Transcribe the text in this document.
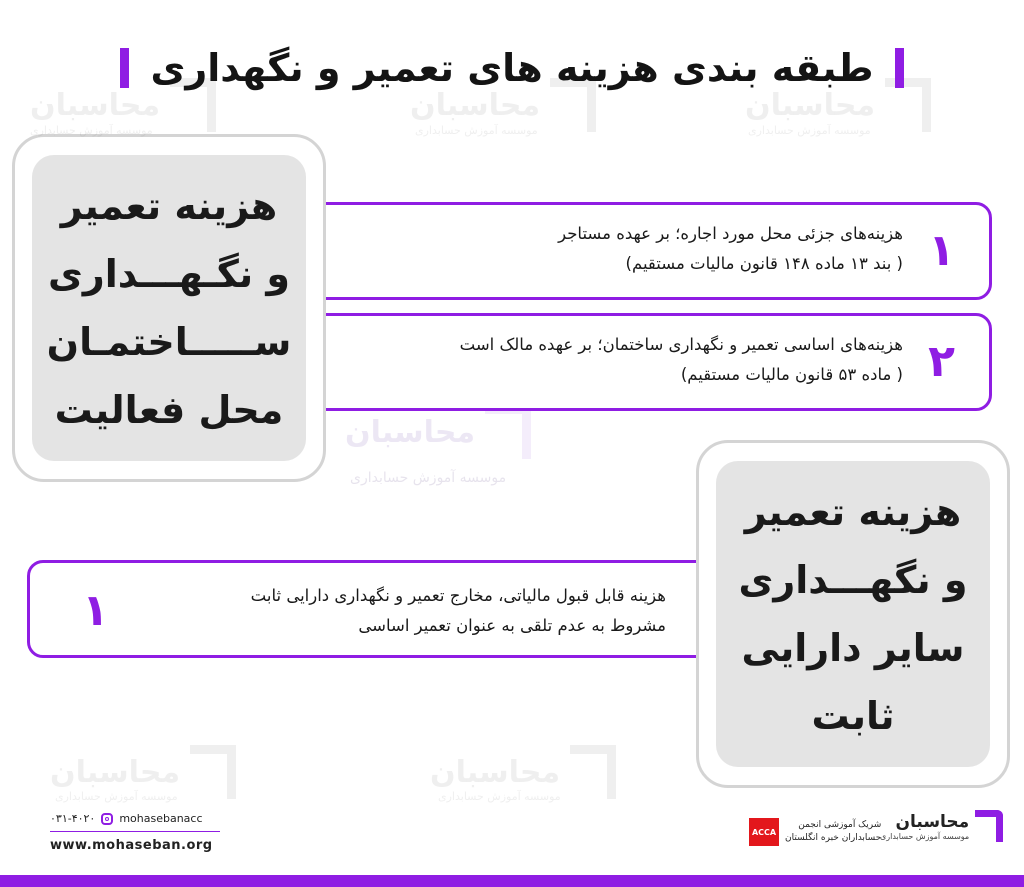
محاسبان	محاسبان	محاسبان
محاسبان
محاسبان	محاسبان
طبقه بندی هزینه های تعمیر و نگهداری
هزینه‌های جزئی محل مورد اجاره؛ بر عهده مستاجر
( بند ۱۳ ماده ۱۴۸ قانون مالیات مستقیم) ۱
هزینه‌های اساسی تعمیر و نگهداری ساختمان؛ بر عهده مالک است
( ماده ۵۳ قانون مالیات مستقیم) ۲
هزینه تعمیر
و نگـهـــداری
ســـــاختمـان
محل فعالیت
هزینه قابل قبول مالیاتی، مخارج تعمیر و نگهداری دارایی ثابت
مشروط به عدم تلقی به عنوان تعمیر اساسی
۱
هزینه تعمیر
و نگهـــداری
سایر دارایی
ثابت
۰۳۱-۴۰۲۰ mohasebanacc
www.mohaseban.org
ACCA
شریک آموزشی انجمن
حسابداران خبره انگلستان
محاسبان
موسسه آموزش حسابداری
موسسه آموزش حسابداری	موسسه آموزش حسابداری	موسسه آموزش حسابداری
موسسه آموزش حسابداری
موسسه آموزش حسابداری	موسسه آموزش حسابداری
